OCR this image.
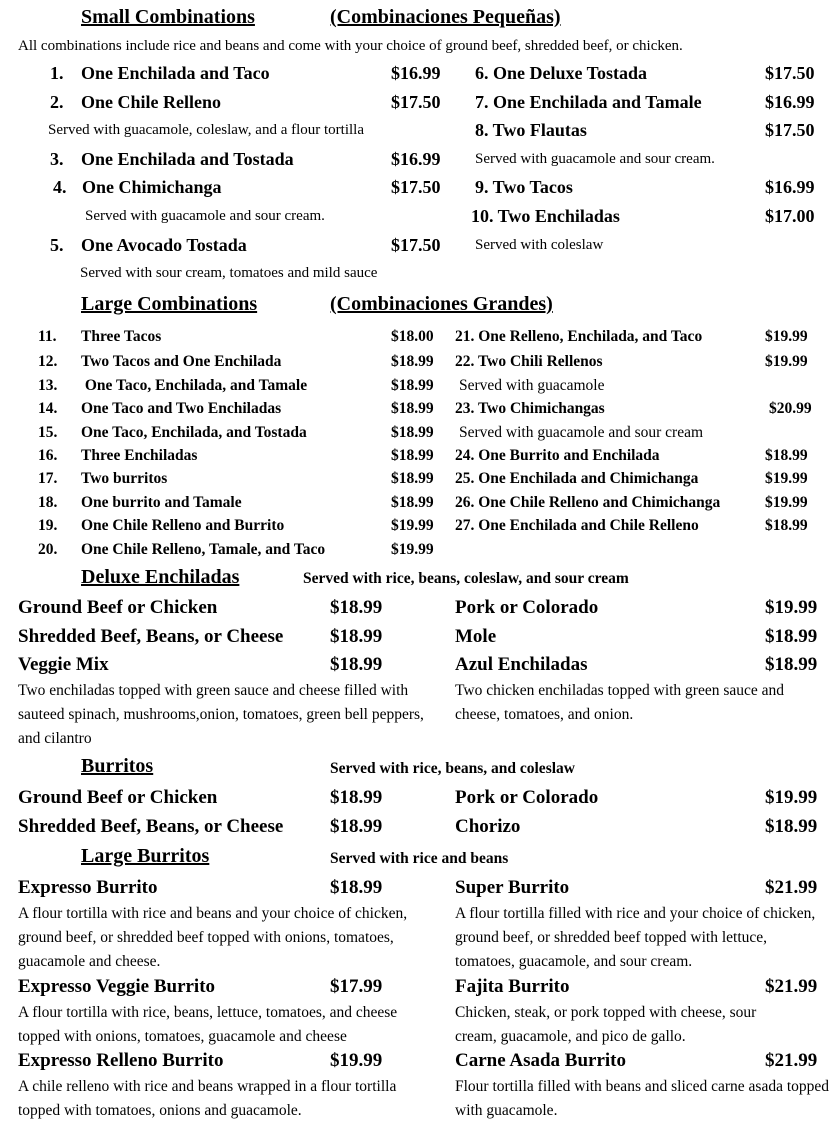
Small Combinations	(Combinaciones Pequeñas)
All combinations include rice and beans and come with your choice of ground beef, shredded beef, or chicken.
1. One Enchilada and Taco	$16.99
2. One Chile Relleno	$17.50
Served with guacamole, coleslaw, and a flour tortilla
3. One Enchilada and Tostada	$16.99
4. One Chimichanga	$17.50
Served with guacamole and sour cream.
5. One Avocado Tostada	$17.50
Served with sour cream, tomatoes and mild sauce
6. One Deluxe Tostada	$17.50
7. One Enchilada and Tamale	$16.99
8. Two Flautas	$17.50
Served with guacamole and sour cream.
9. Two Tacos	$16.99
10. Two Enchiladas	$17.00
Served with coleslaw
Large Combinations	(Combinaciones Grandes)
11. Three Tacos	$18.00
12. Two Tacos and One Enchilada	$18.99
13. One Taco, Enchilada, and Tamale	$18.99
14. One Taco and Two Enchiladas	$18.99
15. One Taco, Enchilada, and Tostada	$18.99
16. Three Enchiladas	$18.99
17. Two burritos	$18.99
18. One burrito and Tamale	$18.99
19. One Chile Relleno and Burrito	$19.99
20. One Chile Relleno, Tamale, and Taco	$19.99
21. One Relleno, Enchilada, and Taco	$19.99
22. Two Chili Rellenos	$19.99
Served with guacamole
23. Two Chimichangas	$20.99
Served with guacamole and sour cream
24. One Burrito and Enchilada	$18.99
25. One Enchilada and Chimichanga	$19.99
26. One Chile Relleno and Chimichanga	$19.99
27. One Enchilada and Chile Relleno	$18.99
Deluxe Enchiladas	Served with rice, beans, coleslaw, and sour cream
Ground Beef or Chicken	$18.99
Shredded Beef, Beans, or Cheese $18.99
Veggie Mix	$18.99
Two enchiladas topped with green sauce and cheese filled with sauteed spinach, mushrooms,onion, tomatoes, green bell peppers, and cilantro
Pork or Colorado	$19.99
Mole	$18.99
Azul Enchiladas	$18.99
Two chicken enchiladas topped with green sauce and cheese, tomatoes, and onion.
Burritos	Served with rice, beans, and coleslaw
Ground Beef or Chicken	$18.99
Shredded Beef, Beans, or Cheese $18.99
Pork or Colorado	$19.99
Chorizo	$18.99
Large Burritos	Served with rice and beans
Expresso Burrito	$18.99
A flour tortilla with rice and beans and your choice of chicken, ground beef, or shredded beef topped with onions, tomatoes, guacamole and cheese.
Expresso Veggie Burrito	$17.99
A flour tortilla with rice, beans, lettuce, tomatoes, and cheese topped with onions, tomatoes, guacamole and cheese
Expresso Relleno Burrito	$19.99
A chile relleno with rice and beans wrapped in a flour tortilla topped with tomatoes, onions and guacamole.
Super Burrito	$21.99
A flour tortilla filled with rice and your choice of chicken, ground beef, or shredded beef topped with lettuce, tomatoes, guacamole, and sour cream.
Fajita Burrito	$21.99
Chicken, steak, or pork topped with cheese, sour cream, guacamole, and pico de gallo.
Carne Asada Burrito	$21.99
Flour tortilla filled with beans and sliced carne asada topped with guacamole.
